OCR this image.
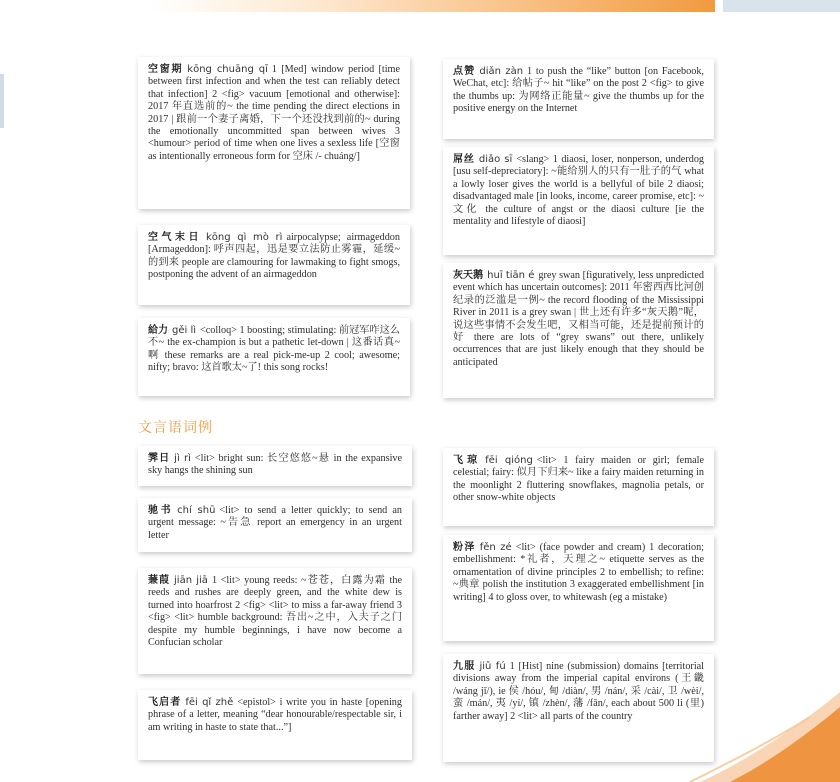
空窗期 kōng chuāng qī 1 [Med] window period [time between first infection and when the test can reliably detect that infection] 2 <fig> vacuum [emotional and otherwise]: 2017 年直选前的~ the time pending the direct elections in 2017 | 跟前一个妻子离婚，下一个还没找到前的~ during the emotionally uncommitted span between wives 3 <humour> period of time when one lives a sexless life [空窗 as intentionally erroneous form for 空床 /- chuáng/]
空气末日 kōng qì mò rì airpocalypse; airmageddon [Armageddon]: 呼声四起，迅是要立法防止雾霾，延缓~的到来 people are clamouring for lawmaking to fight smogs, postponing the advent of an airmageddon
給力 gěi lì <colloq> 1 boosting; stimulating: 前冠军咋这么不~ the ex-champion is but a pathetic let-down | 这番话真~啊 these remarks are a real pick-me-up 2 cool; awesome; nifty; bravo: 这首歌太~了! this song rocks!
点赞 diǎn zàn 1 to push the “like” button [on Facebook, WeChat, etc]: 给帖子~ hit “like” on the post 2 <fig> to give the thumbs up: 为网络正能量~ give the thumbs up for the positive energy on the Internet
屌丝 diǎo sī <slang> 1 diaosi, loser, nonperson, underdog [usu self-depreciatory]: ~能给别人的只有一肚子的气 what a lowly loser gives the world is a bellyful of bile 2 diaosi; disadvantaged male [in looks, income, career promise, etc]: ~文化 the culture of angst or the diaosi culture [ie the mentality and lifestyle of diaosi]
灰天鹅 huī tiān é grey swan [figuratively, less unpredicted event which has uncertain outcomes]: 2011 年密西西比河创纪录的泛滥是一例~ the record flooding of the Mississippi River in 2011 is a grey swan | 世上还有许多“灰天鹅”呢，说这些事情不会发生吧，又相当可能，还是提前预计的好 there are lots of “grey swans” out there, unlikely occurrences that are just likely enough that they should be anticipated
文言语词例
霁日 jì rì <lit> bright sun: 长空悠悠~悬 in the expansive sky hangs the shining sun
驰书 chí shū <lit> to send a letter quickly; to send an urgent message: ~告急 report an emergency in an urgent letter
蒹葭 jiān jiā 1 <lit> young reeds: ~苍苍，白露为霜 the reeds and rushes are deeply green, and the white dew is turned into hoarfrost 2 <fig> <lit> to miss a far-away friend 3 <fig> <lit> humble background: 吾出~之中，入夫子之门 despite my humble beginnings, i have now become a Confucian scholar
飞启者 fēi qǐ zhě <epistol> i write you in haste [opening phrase of a letter, meaning “dear honourable/respectable sir, i am writing in haste to state that...”]
飞琼 fēi qióng <lit> 1 fairy maiden or girl; female celestial; fairy: 似月下归来~ like a fairy maiden returning in the moonlight 2 fluttering snowflakes, magnolia petals, or other snow-white objects
粉泽 fěn zé <lit> (face powder and cream) 1 decoration; embellishment: *礼者，天理之~ etiquette serves as the ornamentation of divine principles 2 to embellish; to refine: ~典章 polish the institution 3 exaggerated embellishment [in writing] 4 to gloss over, to whitewash (eg a mistake)
九服 jiǔ fú 1 [Hist] nine (submission) domains [territorial divisions away from the imperial capital environs (王畿 /wáng jī/), ie 侯 /hóu/, 甸 /diàn/, 男 /nán/, 采 /cài/, 卫 /wèi/, 蛮 /mán/, 夷 /yí/, 镇 /zhèn/, 藩 /fān/, each about 500 li (里) farther away] 2 <lit> all parts of the country
